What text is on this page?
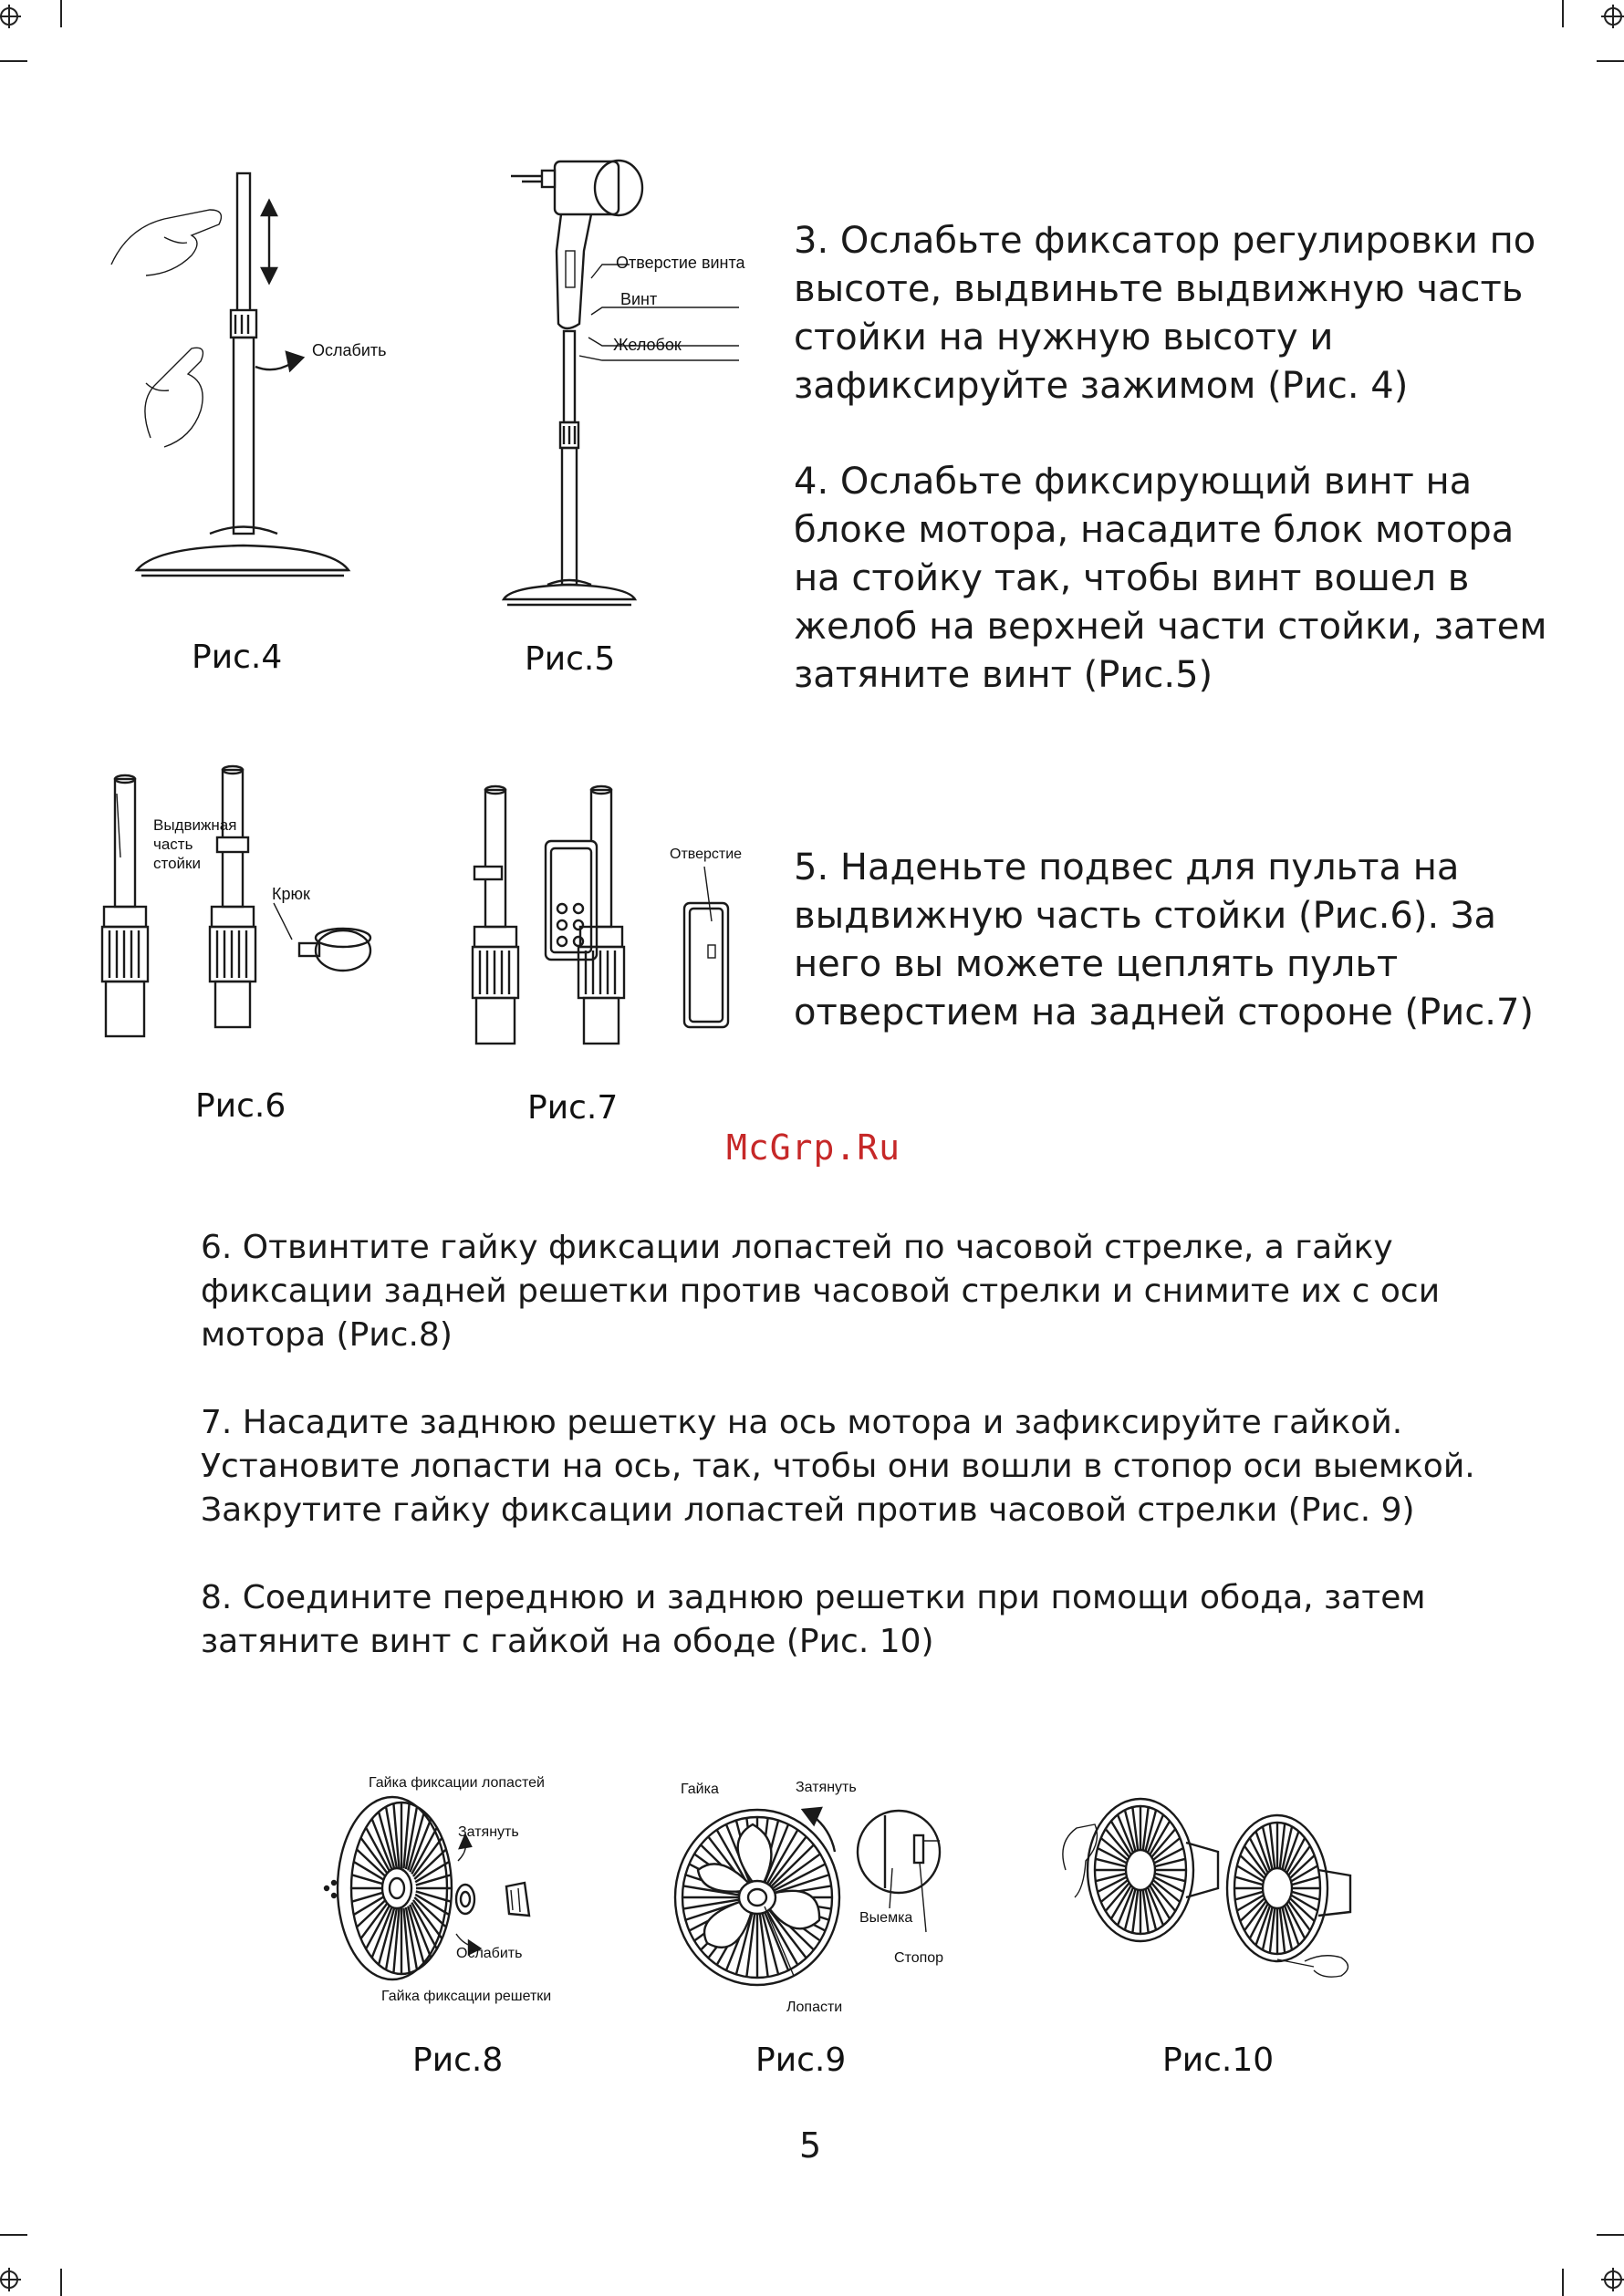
Ослабить
Рис.4
Отверстие винта
Винт
Желобок
Рис.5
3. Ослабьте фиксатор регулировки по высоте, выдвиньте выдвижную часть стойки на нужную высоту и зафиксируйте зажимом (Рис. 4)
4. Ослабьте фиксирующий винт на блоке мотора, насадите блок мотора на стойку так, чтобы винт вошел в желоб на верхней части стойки, затем затяните винт (Рис.5)
Выдвижная часть стойки
Крюк
Рис.6
Отверстие
Рис.7
5. Наденьте подвес для пульта на выдвижную часть стойки (Рис.6). За него вы можете цеплять пульт отверстием на задней стороне (Рис.7)
McGrp.Ru
6. Отвинтите гайку фиксации лопастей по часовой стрелке, а гайку фиксации задней решетки против часовой стрелки и снимите их с оси мотора (Рис.8)
7. Насадите заднюю решетку на ось мотора и зафиксируйте гайкой. Установите лопасти на ось, так, чтобы они вошли в стопор оси выемкой. Закрутите гайку фиксации лопастей против часовой стрелки (Рис. 9)
8. Соедините переднюю и заднюю решетки при помощи обода, затем затяните винт с гайкой на ободе (Рис. 10)
Гайка фиксации лопастей
Затянуть
Ослабить
Гайка фиксации решетки
Рис.8
Гайка	Затянуть
Выемка
Стопор
Лопасти
Рис.9	Рис.10
5
